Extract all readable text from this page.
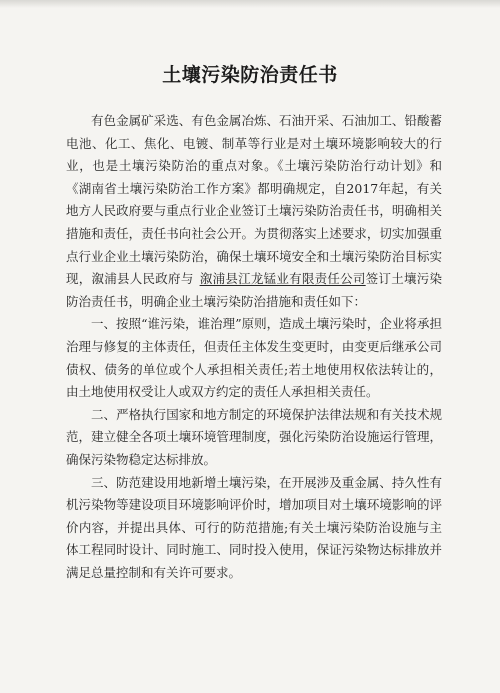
土壤污染防治责任书

有色金属矿采选、有色金属冶炼、石油开采、石油加工、铅酸蓄电池、化工、焦化、电镀、制革等行业是对土壤环境影响较大的行业，也是土壤污染防治的重点对象。《土壤污染防治行动计划》和《湖南省土壤污染防治工作方案》都明确规定，自2017年起，有关地方人民政府要与重点行业企业签订土壤污染防治责任书，明确相关措施和责任，责任书向社会公开。为贯彻落实上述要求，切实加强重点行业企业土壤污染防治，确保土壤环境安全和土壤污染防治目标实现，溆浦县人民政府与 溆浦县江龙锰业有限责任公司签订土壤污染防治责任书，明确企业土壤污染防治措施和责任如下：

一、按照“谁污染，谁治理”原则，造成土壤污染时，企业将承担治理与修复的主体责任，但责任主体发生变更时，由变更后继承公司债权、债务的单位或个人承担相关责任;若土地使用权依法转让的，由土地使用权受让人或双方约定的责任人承担相关责任。

二、严格执行国家和地方制定的环境保护法律法规和有关技术规范，建立健全各项土壤环境管理制度，强化污染防治设施运行管理，确保污染物稳定达标排放。

三、防范建设用地新增土壤污染，在开展涉及重金属、持久性有机污染物等建设项目环境影响评价时，增加项目对土壤环境影响的评价内容，并提出具体、可行的防范措施;有关土壤污染防治设施与主体工程同时设计、同时施工、同时投入使用，保证污染物达标排放并满足总量控制和有关许可要求。
